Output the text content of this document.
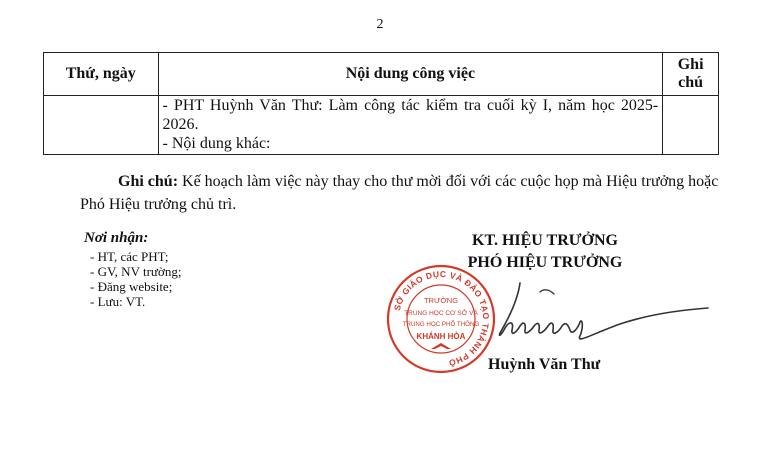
2
Thứ, ngày	Nội dung công việc	Ghi chú

	- PHT Huỳnh Văn Thư: Làm công tác kiểm tra cuối kỳ I, năm học 2025-2026.
- Nội dung khác:	

Ghi chú: Kế hoạch làm việc này thay cho thư mời đối với các cuộc họp mà Hiệu trưởng hoặc Phó Hiệu trưởng chủ trì.

Nơi nhận:
- HT, các PHT;
- GV, NV trường;
- Đăng website;
- Lưu: VT.
KT. HIỆU TRƯỞNG
PHÓ HIỆU TRƯỞNG
SỞ GIÁO DỤC VÀ ĐÀO TẠO THÀNH PHỐ
TRƯỜNG
TRUNG HỌC CƠ SỞ VÀ
TRUNG HỌC PHỔ THÔNG
KHÁNH HÒA
Huỳnh Văn Thư
